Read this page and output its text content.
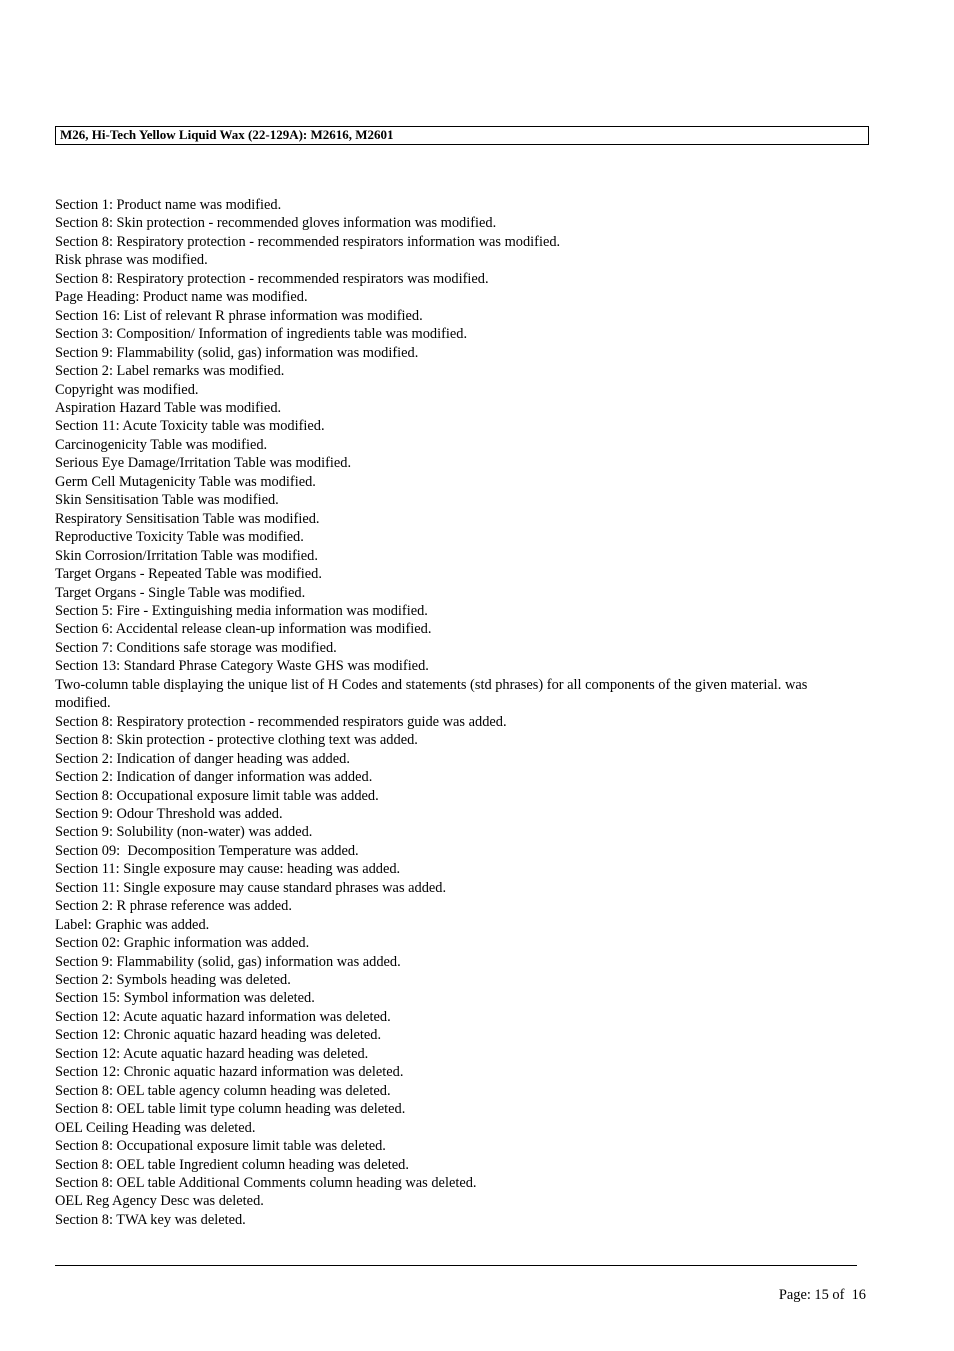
M26, Hi-Tech Yellow Liquid Wax (22-129A): M2616, M2601
Section 1: Product name was modified.
Section 8: Skin protection - recommended gloves information was modified.
Section 8: Respiratory protection - recommended respirators information was modified.
Risk phrase was modified.
Section 8: Respiratory protection - recommended respirators was modified.
Page Heading: Product name was modified.
Section 16: List of relevant R phrase information was modified.
Section 3: Composition/ Information of ingredients table was modified.
Section 9: Flammability (solid, gas) information was modified.
Section 2: Label remarks was modified.
Copyright was modified.
Aspiration Hazard Table was modified.
Section 11: Acute Toxicity table was modified.
Carcinogenicity Table was modified.
Serious Eye Damage/Irritation Table was modified.
Germ Cell Mutagenicity Table was modified.
Skin Sensitisation Table was modified.
Respiratory Sensitisation Table was modified.
Reproductive Toxicity Table was modified.
Skin Corrosion/Irritation Table was modified.
Target Organs - Repeated Table was modified.
Target Organs - Single Table was modified.
Section 5: Fire - Extinguishing media information was modified.
Section 6: Accidental release clean-up information was modified.
Section 7: Conditions safe storage was modified.
Section 13: Standard Phrase Category Waste GHS was modified.
Two-column table displaying the unique list of H Codes and statements (std phrases) for all components of the given material. was modified.
Section 8: Respiratory protection - recommended respirators guide was added.
Section 8: Skin protection - protective clothing text was added.
Section 2: Indication of danger heading was added.
Section 2: Indication of danger information was added.
Section 8: Occupational exposure limit table was added.
Section 9: Odour Threshold was added.
Section 9: Solubility (non-water) was added.
Section 09:  Decomposition Temperature was added.
Section 11: Single exposure may cause: heading was added.
Section 11: Single exposure may cause standard phrases was added.
Section 2: R phrase reference was added.
Label: Graphic was added.
Section 02: Graphic information was added.
Section 9: Flammability (solid, gas) information was added.
Section 2: Symbols heading was deleted.
Section 15: Symbol information was deleted.
Section 12: Acute aquatic hazard information was deleted.
Section 12: Chronic aquatic hazard heading was deleted.
Section 12: Acute aquatic hazard heading was deleted.
Section 12: Chronic aquatic hazard information was deleted.
Section 8: OEL table agency column heading was deleted.
Section 8: OEL table limit type column heading was deleted.
OEL Ceiling Heading was deleted.
Section 8: Occupational exposure limit table was deleted.
Section 8: OEL table Ingredient column heading was deleted.
Section 8: OEL table Additional Comments column heading was deleted.
OEL Reg Agency Desc was deleted.
Section 8: TWA key was deleted.
Page: 15 of  16
